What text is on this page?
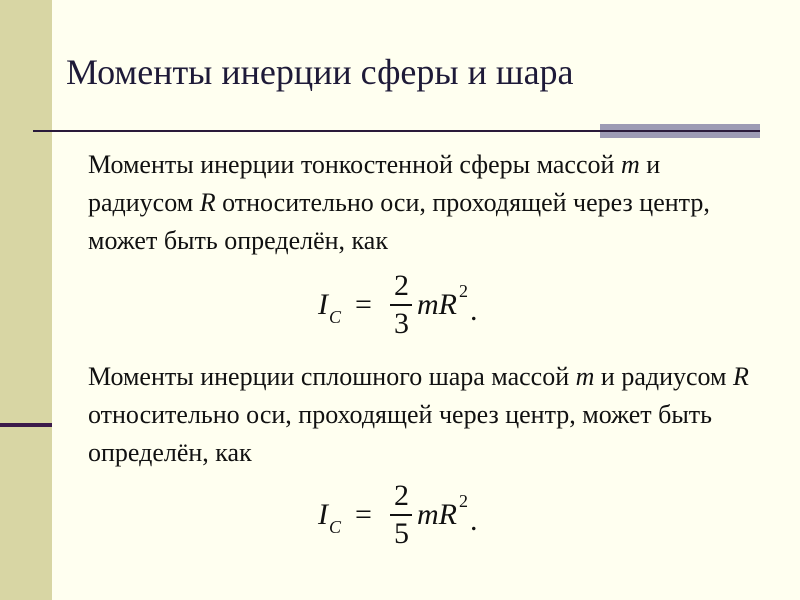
Моменты инерции сферы и шара
Моменты инерции тонкостенной сферы массой m и радиусом R относительно оси, проходящей через центр, может быть определён, как
I $C = \frac{2}{3}$ mR 2
.
Моменты инерции сплошного шара массой m и радиусом R относительно оси, проходящей через центр, может быть определён, как
I $C = \frac{2}{5}$ mR 2
.
